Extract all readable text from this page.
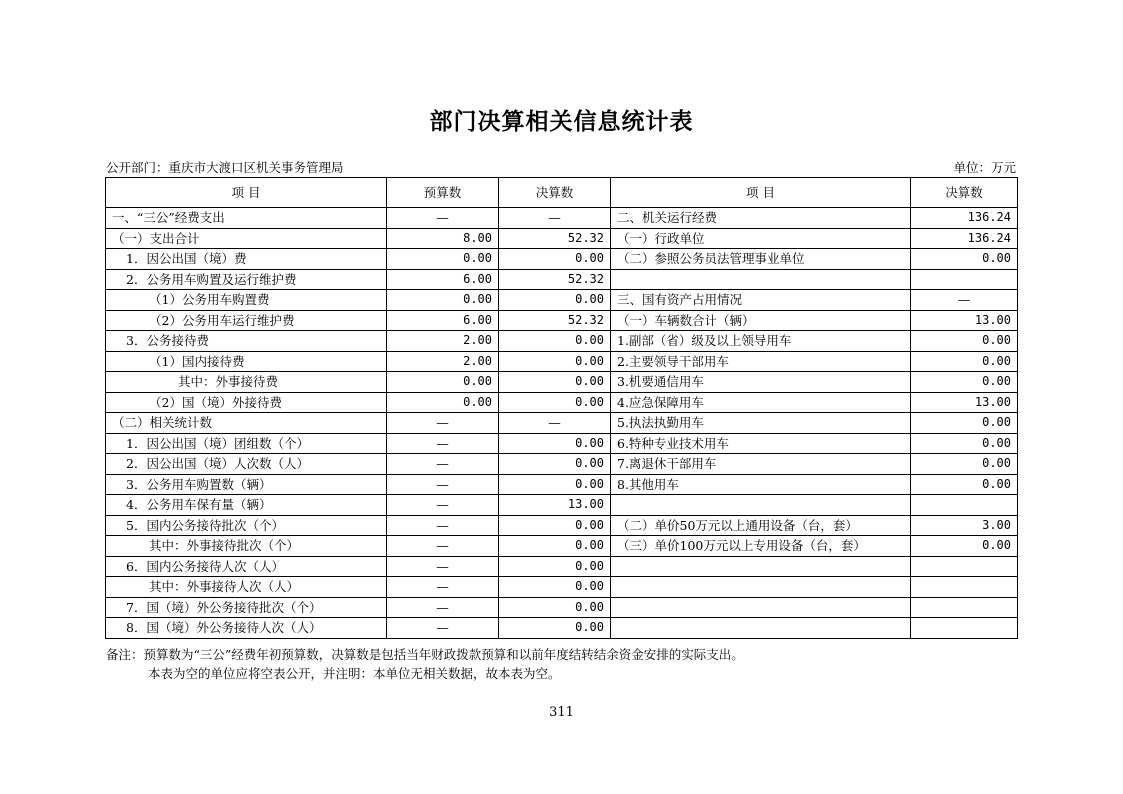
部门决算相关信息统计表
公开部门：重庆市大渡口区机关事务管理局	单位：万元
项 目	预算数	决算数	项 目	决算数
一、“三公”经费支出	—	—	二、机关运行经费	136.24
（一）支出合计	8.00	52.32	（一）行政单位	136.24
1．因公出国（境）费	0.00	0.00	（二）参照公务员法管理事业单位	0.00
2．公务用车购置及运行维护费	6.00	52.32		
（1）公务用车购置费	0.00	0.00	三、国有资产占用情况	—
（2）公务用车运行维护费	6.00	52.32	（一）车辆数合计（辆）	13.00
3．公务接待费	2.00	0.00	1.副部（省）级及以上领导用车	0.00
（1）国内接待费	2.00	0.00	2.主要领导干部用车	0.00
其中：外事接待费	0.00	0.00	3.机要通信用车	0.00
（2）国（境）外接待费	0.00	0.00	4.应急保障用车	13.00
（二）相关统计数	—	—	5.执法执勤用车	0.00
1．因公出国（境）团组数（个）	—	0.00	6.特种专业技术用车	0.00
2．因公出国（境）人次数（人）	—	0.00	7.离退休干部用车	0.00
3．公务用车购置数（辆）	—	0.00	8.其他用车	0.00
4．公务用车保有量（辆）	—	13.00		
5．国内公务接待批次（个）	—	0.00	（二）单价50万元以上通用设备（台，套）	3.00
其中：外事接待批次（个）	—	0.00	（三）单价100万元以上专用设备（台，套）	0.00
6．国内公务接待人次（人）	—	0.00		
其中：外事接待人次（人）	—	0.00		
7．国（境）外公务接待批次（个）	—	0.00		
8．国（境）外公务接待人次（人）	—	0.00		
备注：预算数为“三公”经费年初预算数，决算数是包括当年财政拨款预算和以前年度结转结余资金安排的实际支出。
本表为空的单位应将空表公开，并注明：本单位无相关数据，故本表为空。
311
